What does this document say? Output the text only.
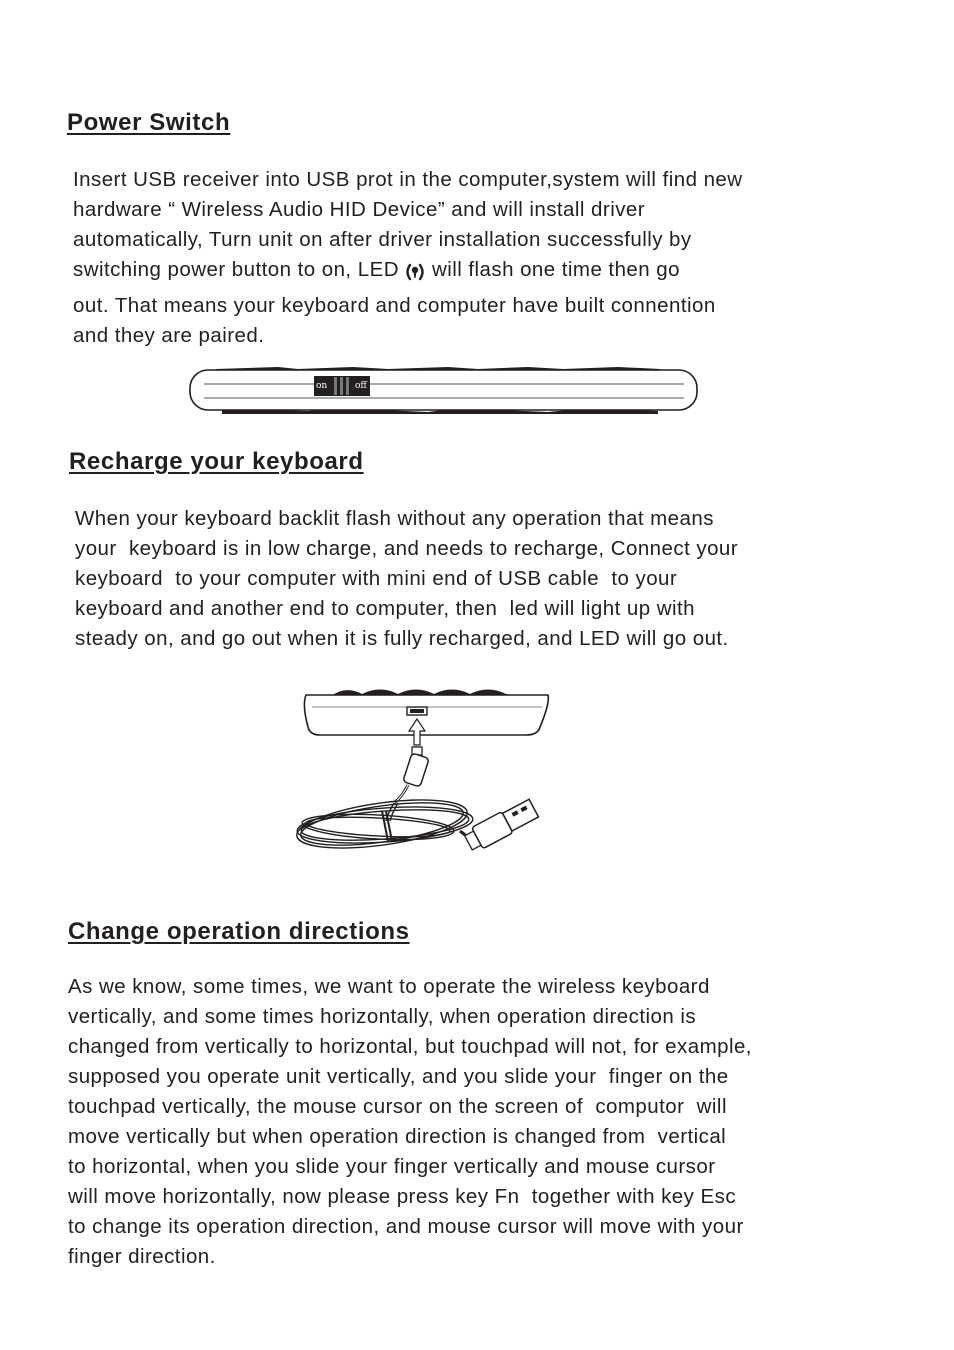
Power Switch
Insert USB receiver into USB prot in the computer,system will find new
hardware “ Wireless Audio HID Device” and will install driver
automatically, Turn unit on after driver installation successfully by
switching power button to on, LED will flash one time then go
out. That means your keyboard and computer have built connention
and they are paired.
on	off
Recharge your keyboard
When your keyboard backlit flash without any operation that means
your  keyboard is in low charge, and needs to recharge, Connect your
keyboard  to your computer with mini end of USB cable  to your
keyboard and another end to computer, then  led will light up with
steady on, and go out when it is fully recharged, and LED will go out.
Change operation directions
As we know, some times, we want to operate the wireless keyboard
vertically, and some times horizontally, when operation direction is
changed from vertically to horizontal, but touchpad will not, for example,
supposed you operate unit vertically, and you slide your  finger on the
touchpad vertically, the mouse cursor on the screen of  computor  will
move vertically but when operation direction is changed from  vertical
to horizontal, when you slide your finger vertically and mouse cursor
will move horizontally, now please press key Fn  together with key Esc
to change its operation direction, and mouse cursor will move with your
finger direction.
